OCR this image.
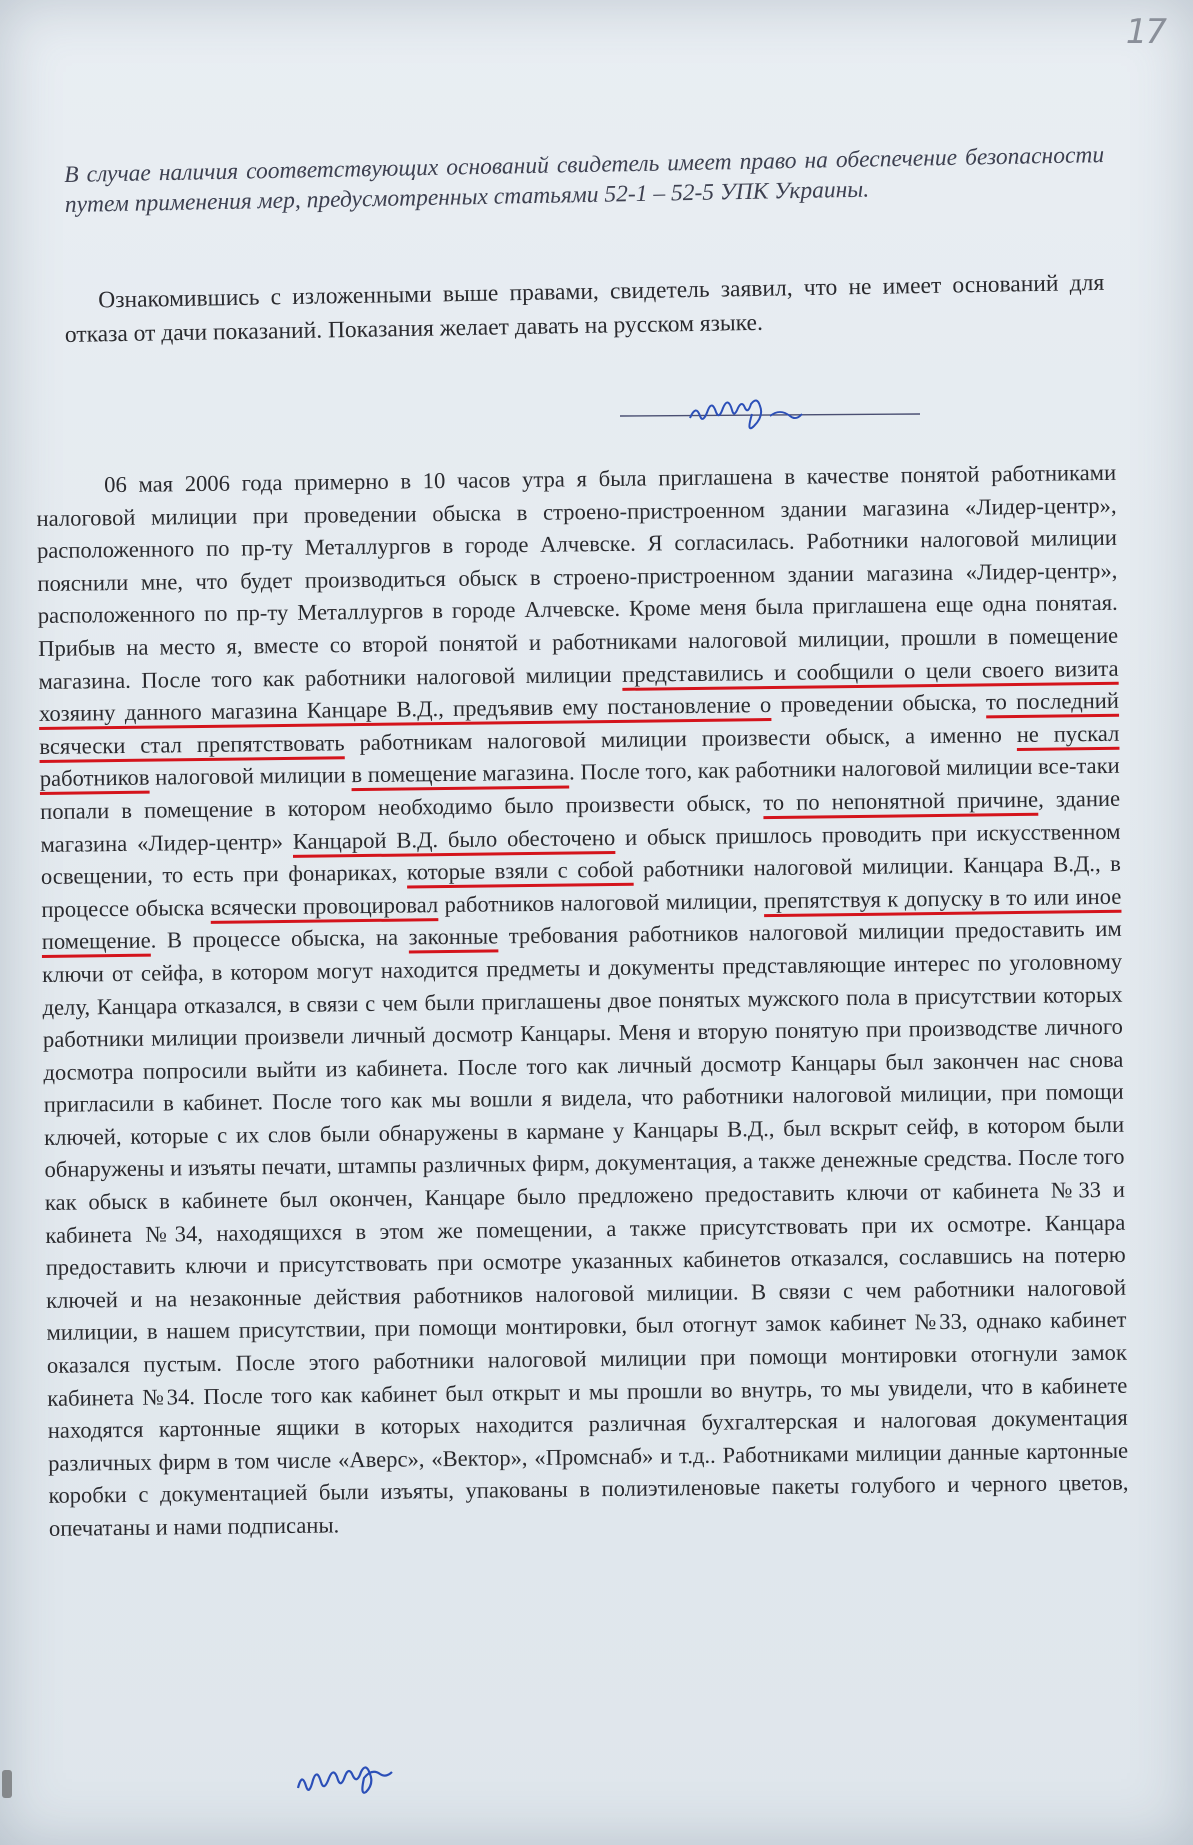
17

В случае наличия соответствующих оснований свидетель имеет право на обеспечение безопасности путем применения мер, предусмотренных статьями 52-1 – 52-5 УПК Украины.

Ознакомившись с изложенными выше правами, свидетель заявил, что не имеет оснований для отказа от дачи показаний. Показания желает давать на русском языке.

06 мая 2006 года примерно в 10 часов утра я была приглашена в качестве понятой работниками налоговой милиции при проведении обыска в строено-пристроенном здании магазина «Лидер-центр», расположенного по пр-ту Металлургов в городе Алчевске. Я согласилась. Работники налоговой милиции пояснили мне, что будет производиться обыск в строено-пристроенном здании магазина «Лидер-центр», расположенного по пр-ту Металлургов в городе Алчевске. Кроме меня была приглашена еще одна понятая. Прибыв на место я, вместе со второй понятой и работниками налоговой милиции, прошли в помещение магазина. После того как работники налоговой милиции представились и сообщили о цели своего визита хозяину данного магазина Канцаре В.Д., предъявив ему постановление о проведении обыска, то последний всячески стал препятствовать работникам налоговой милиции произвести обыск, а именно не пускал работников налоговой милиции в помещение магазина. После того, как работники налоговой милиции все-таки попали в помещение в котором необходимо было произвести обыск, то по непонятной причине, здание магазина «Лидер-центр» Канцарой В.Д. было обесточено и обыск пришлось проводить при искусственном освещении, то есть при фонариках, которые взяли с собой работники налоговой милиции. Канцара В.Д., в процессе обыска всячески провоцировал работников налоговой милиции, препятствуя к допуску в то или иное помещение. В процессе обыска, на законные требования работников налоговой милиции предоставить им ключи от сейфа, в котором могут находится предметы и документы представляющие интерес по уголовному делу, Канцара отказался, в связи с чем были приглашены двое понятых мужского пола в присутствии которых работники милиции произвели личный досмотр Канцары. Меня и вторую понятую при производстве личного досмотра попросили выйти из кабинета. После того как личный досмотр Канцары был закончен нас снова пригласили в кабинет. После того как мы вошли я видела, что работники налоговой милиции, при помощи ключей, которые с их слов были обнаружены в кармане у Канцары В.Д., был вскрыт сейф, в котором были обнаружены и изъяты печати, штампы различных фирм, документация, а также денежные средства. После того как обыск в кабинете был окончен, Канцаре было предложено предоставить ключи от кабинета №33 и кабинета №34, находящихся в этом же помещении, а также присутствовать при их осмотре. Канцара предоставить ключи и присутствовать при осмотре указанных кабинетов отказался, сославшись на потерю ключей и на незаконные действия работников налоговой милиции. В связи с чем работники налоговой милиции, в нашем присутствии, при помощи монтировки, был отогнут замок кабинет №33, однако кабинет оказался пустым. После этого работники налоговой милиции при помощи монтировки отогнули замок кабинета №34. После того как кабинет был открыт и мы прошли во внутрь, то мы увидели, что в кабинете находятся картонные ящики в которых находится различная бухгалтерская и налоговая документация различных фирм в том числе «Аверс», «Вектор», «Промснаб» и т.д.. Работниками милиции данные картонные коробки с документацией были изъяты, упакованы в полиэтиленовые пакеты голубого и черного цветов, опечатаны и нами подписаны.
